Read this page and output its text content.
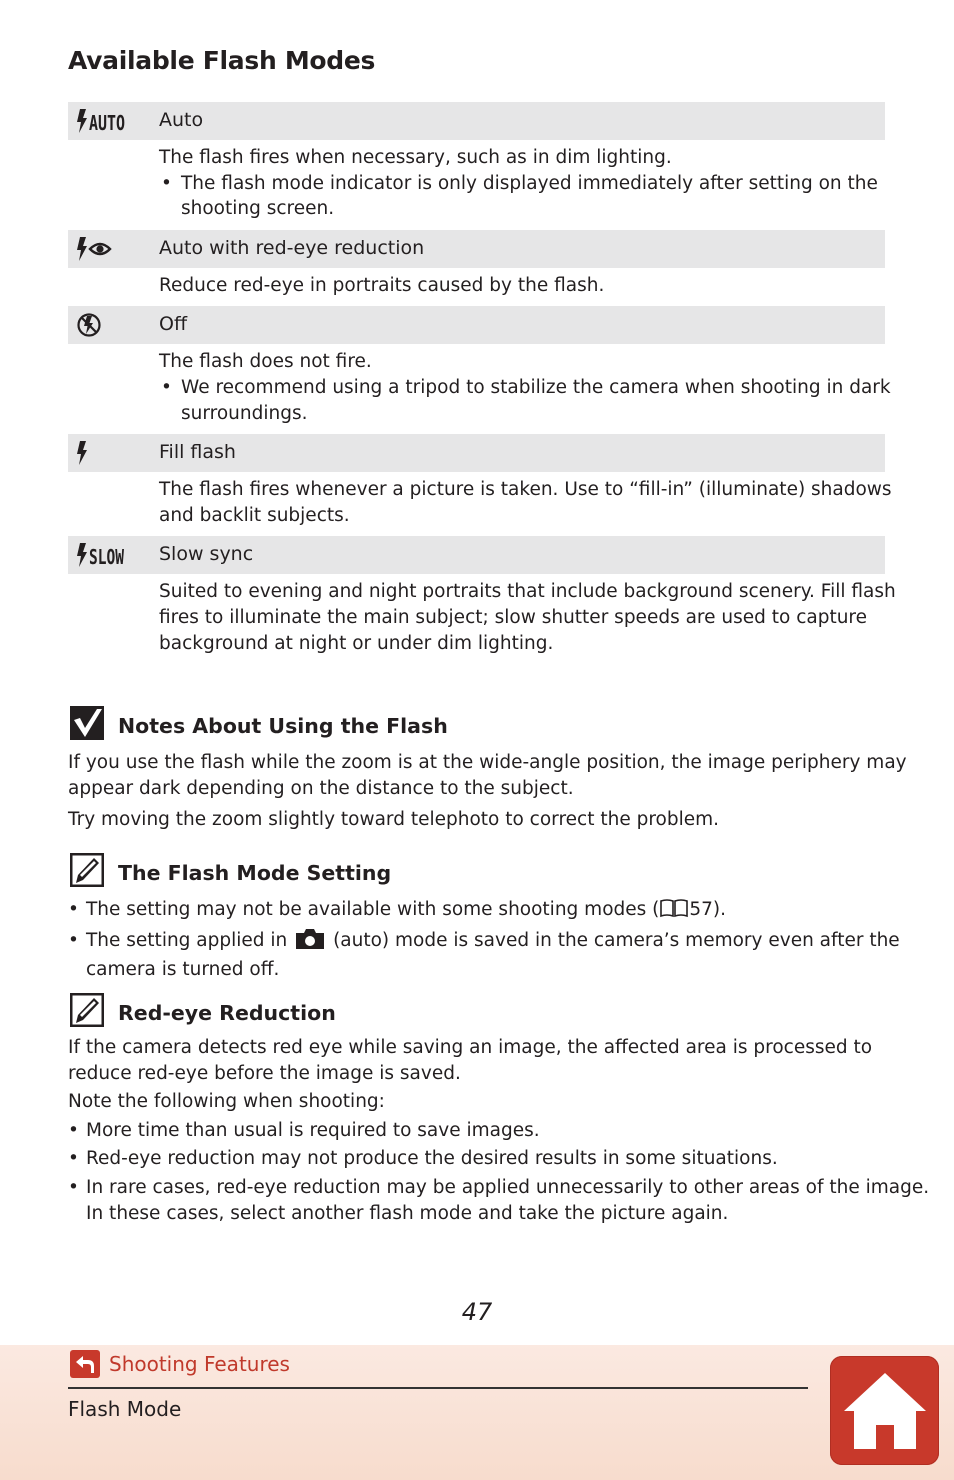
Available Flash Modes
AUTO Auto
The flash fires when necessary, such as in dim lighting.
• The flash mode indicator is only displayed immediately after setting on the
shooting screen.
Auto with red-eye reduction
Reduce red-eye in portraits caused by the flash.
Off
The flash does not fire.
• We recommend using a tripod to stabilize the camera when shooting in dark
surroundings.
Fill flash
The flash fires whenever a picture is taken. Use to “fill-in” (illuminate) shadows
and backlit subjects.
SLOW Slow sync
Suited to evening and night portraits that include background scenery. Fill flash
fires to illuminate the main subject; slow shutter speeds are used to capture
background at night or under dim lighting.
Notes About Using the Flash

If you use the flash while the zoom is at the wide-angle position, the image periphery may

appear dark depending on the distance to the subject.

Try moving the zoom slightly toward telephoto to correct the problem.

The Flash Mode Setting
• The setting may not be available with some shooting modes ( 57).
• The setting applied in (auto) mode is saved in the camera’s memory even after the
camera is turned off.
Red-eye Reduction

If the camera detects red eye while saving an image, the affected area is processed to

reduce red-eye before the image is saved.

Note the following when shooting:

• More time than usual is required to save images.
• Red-eye reduction may not produce the desired results in some situations.
• In rare cases, red-eye reduction may be applied unnecessarily to other areas of the image.
In these cases, select another flash mode and take the picture again.
47
Shooting Features
Flash Mode
